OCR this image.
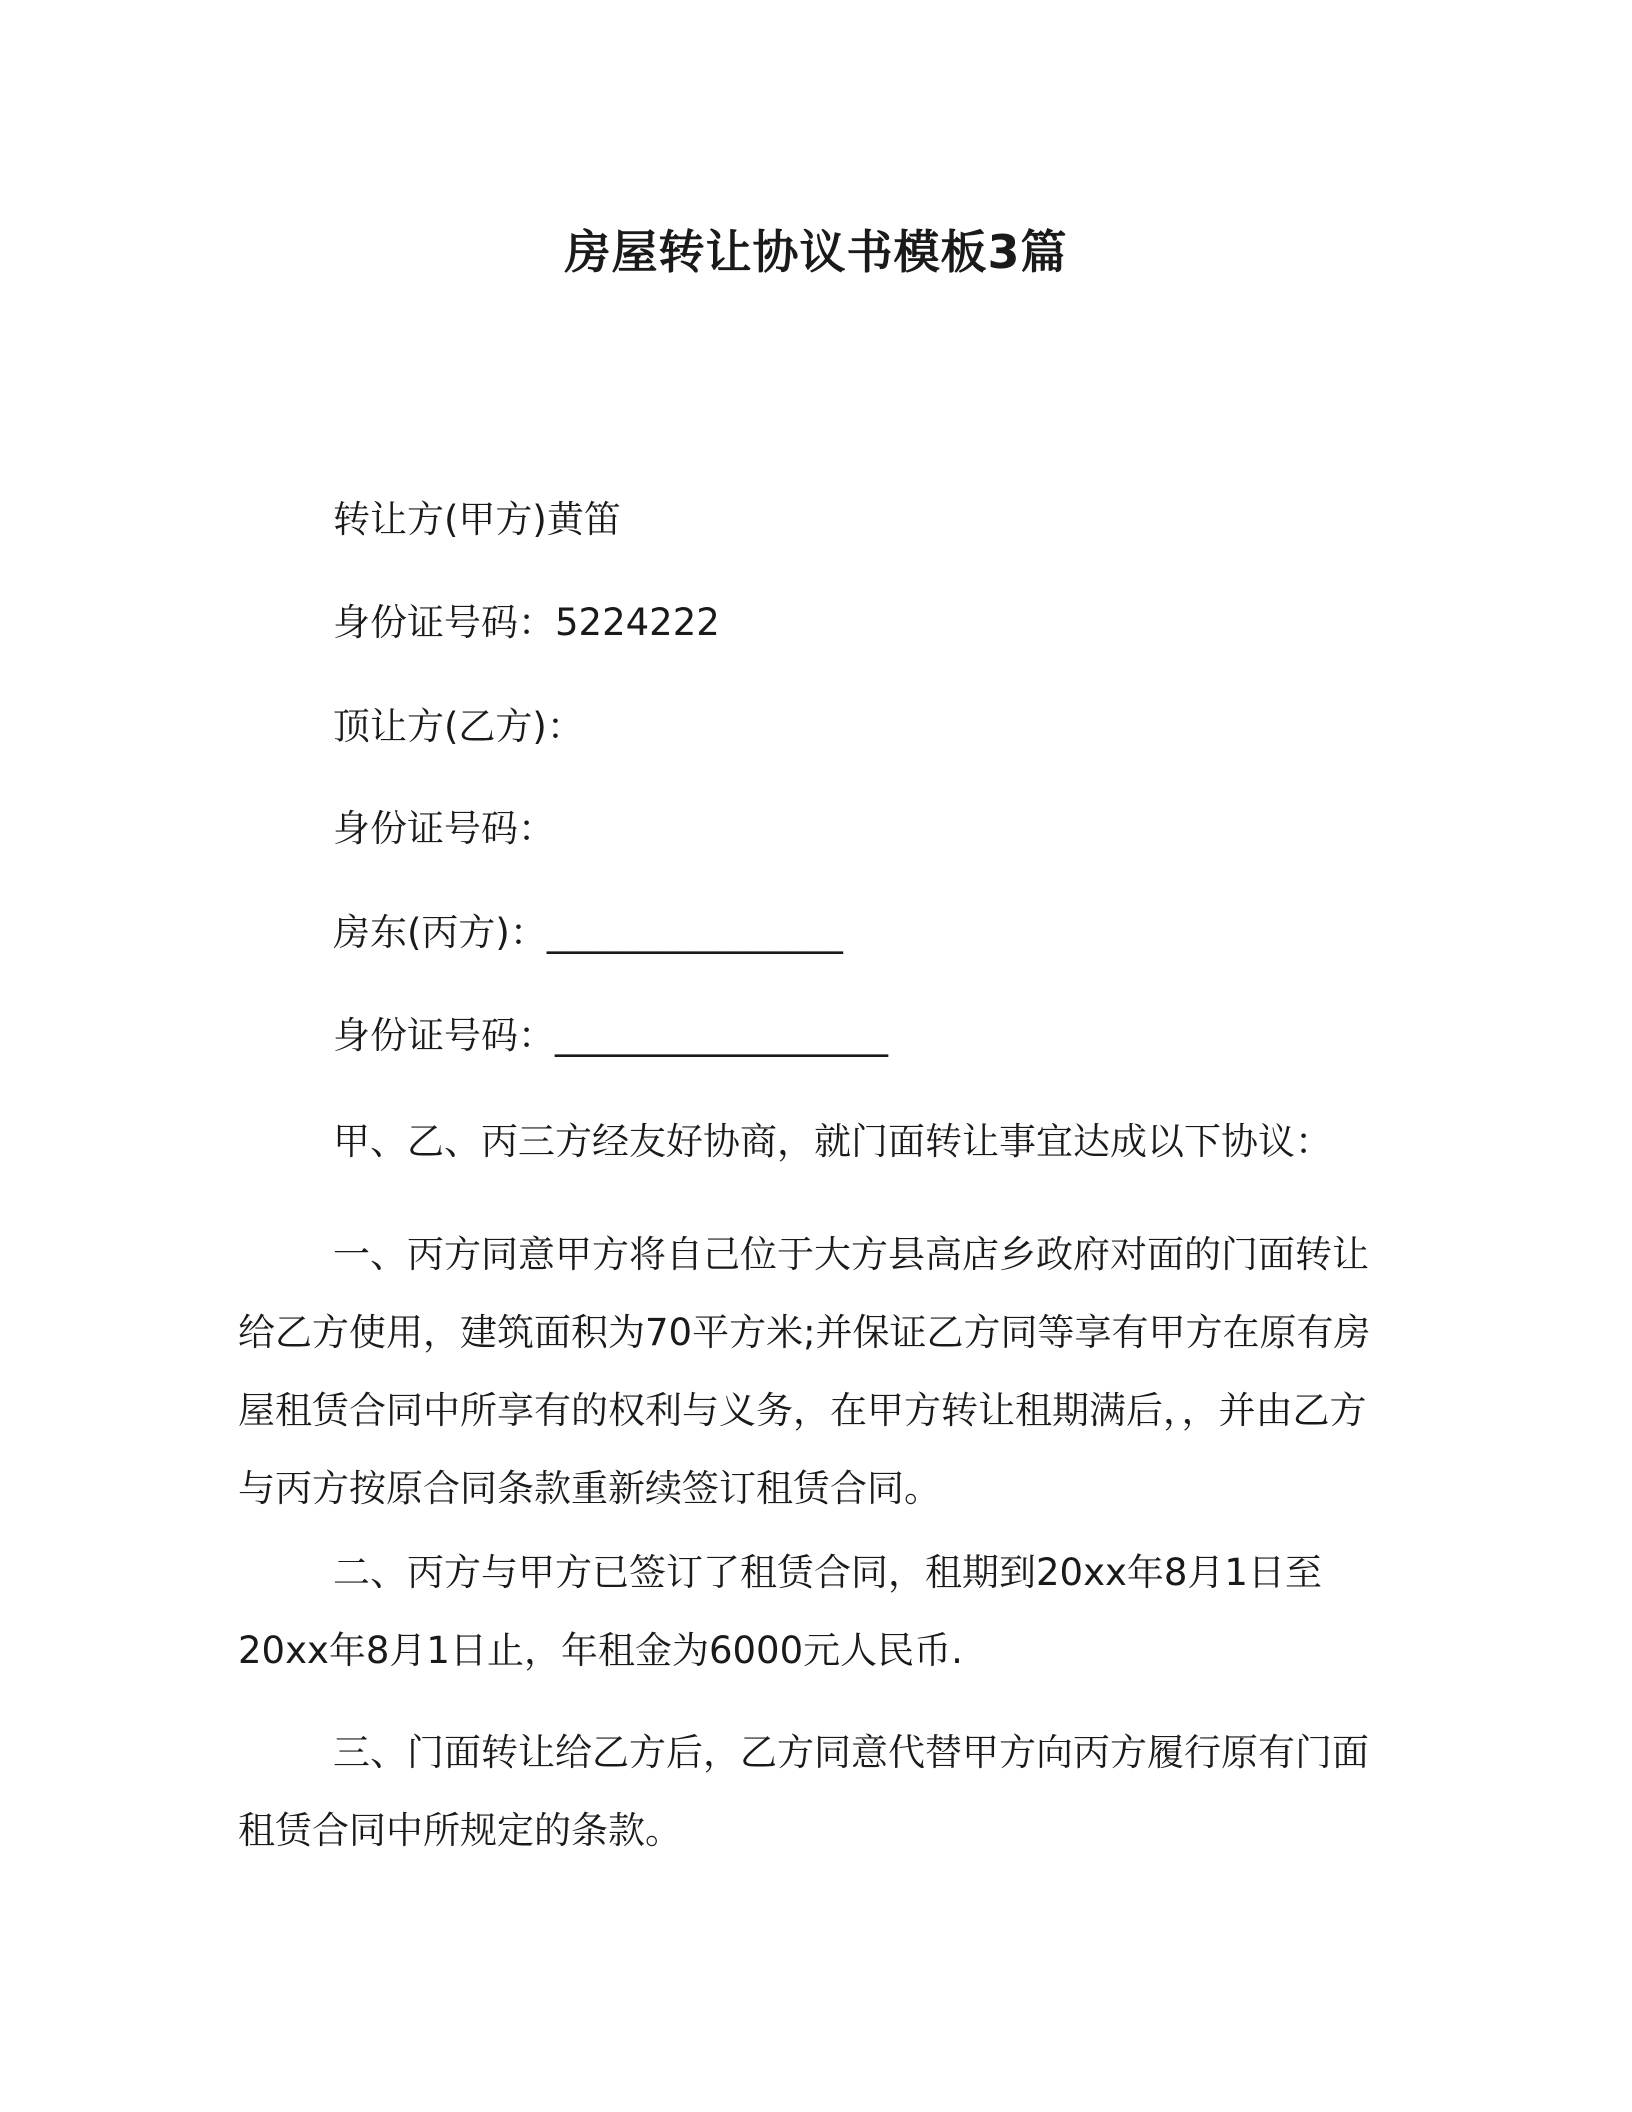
房屋转让协议书模板3篇

转让方(甲方)黄笛

身份证号码：5224222

顶让方(乙方)：

身份证号码：

房东(丙方)：________________

身份证号码：__________________

甲、乙、丙三方经友好协商，就门面转让事宜达成以下协议：

一、丙方同意甲方将自己位于大方县高店乡政府对面的门面转让给乙方使用，建筑面积为70平方米;并保证乙方同等享有甲方在原有房屋租赁合同中所享有的权利与义务，在甲方转让租期满后，，并由乙方与丙方按原合同条款重新续签订租赁合同。

二、丙方与甲方已签订了租赁合同，租期到20xx年8月1日至20xx年8月1日止，年租金为6000元人民币.

三、门面转让给乙方后，乙方同意代替甲方向丙方履行原有门面租赁合同中所规定的条款。
